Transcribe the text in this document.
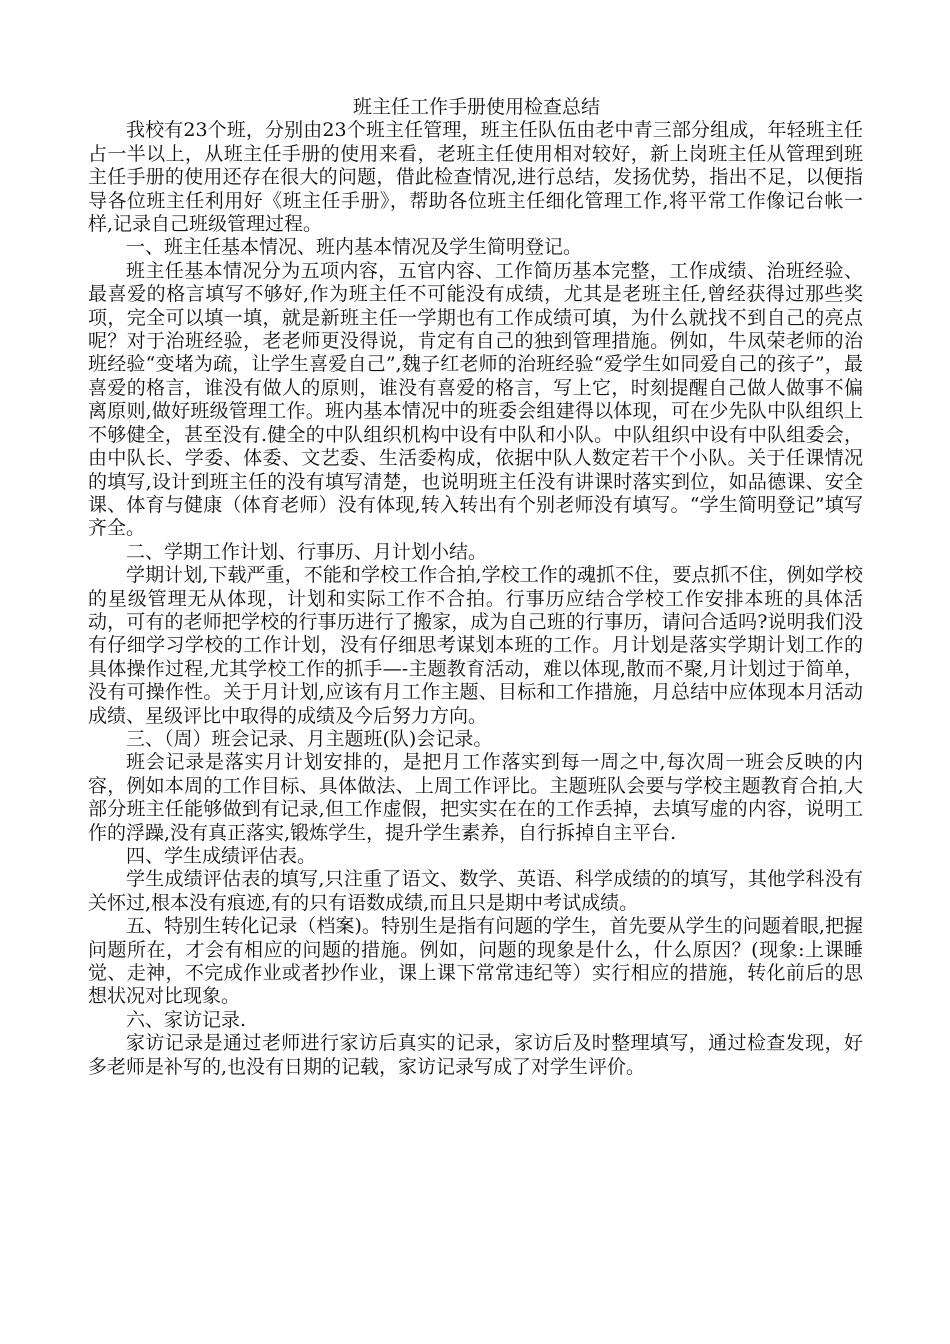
班主任工作手册使用检查总结

我校有23个班，分别由23个班主任管理，班主任队伍由老中青三部分组成，年轻班主任占一半以上，从班主任手册的使用来看，老班主任使用相对较好，新上岗班主任从管理到班主任手册的使用还存在很大的问题，借此检查情况,进行总结，发扬优势，指出不足，以便指导各位班主任利用好《班主任手册》，帮助各位班主任细化管理工作,将平常工作像记台帐一样,记录自己班级管理过程。

一、班主任基本情况、班内基本情况及学生简明登记。

班主任基本情况分为五项内容，五官内容、工作简历基本完整，工作成绩、治班经验、最喜爱的格言填写不够好,作为班主任不可能没有成绩，尤其是老班主任,曾经获得过那些奖项，完全可以填一填，就是新班主任一学期也有工作成绩可填，为什么就找不到自己的亮点呢？对于治班经验，老老师更没得说，肯定有自己的独到管理措施。例如，牛凤荣老师的治班经验“变堵为疏，让学生喜爱自己”,魏子红老师的治班经验“爱学生如同爱自己的孩子”，最喜爱的格言，谁没有做人的原则，谁没有喜爱的格言，写上它，时刻提醒自己做人做事不偏离原则,做好班级管理工作。班内基本情况中的班委会组建得以体现，可在少先队中队组织上不够健全，甚至没有.健全的中队组织机构中设有中队和小队。中队组织中设有中队组委会，由中队长、学委、体委、文艺委、生活委构成，依据中队人数定若干个小队。关于任课情况的填写,设计到班主任的没有填写清楚，也说明班主任没有讲课时落实到位，如品德课、安全课、体育与健康（体育老师）没有体现,转入转出有个别老师没有填写。“学生简明登记”填写齐全。

二、学期工作计划、行事历、月计划小结。

学期计划,下载严重，不能和学校工作合拍,学校工作的魂抓不住，要点抓不住，例如学校的星级管理无从体现，计划和实际工作不合拍。行事历应结合学校工作安排本班的具体活动，可有的老师把学校的行事历进行了搬家，成为自己班的行事历，请问合适吗?说明我们没有仔细学习学校的工作计划，没有仔细思考谋划本班的工作。月计划是落实学期计划工作的具体操作过程,尤其学校工作的抓手—-主题教育活动，难以体现,散而不聚,月计划过于简单，没有可操作性。关于月计划,应该有月工作主题、目标和工作措施，月总结中应体现本月活动成绩、星级评比中取得的成绩及今后努力方向。

三、（周）班会记录、月主题班(队)会记录。

班会记录是落实月计划安排的，是把月工作落实到每一周之中,每次周一班会反映的内容，例如本周的工作目标、具体做法、上周工作评比。主题班队会要与学校主题教育合拍,大部分班主任能够做到有记录,但工作虚假，把实实在在的工作丢掉，去填写虚的内容，说明工作的浮躁,没有真正落实,锻炼学生，提升学生素养，自行拆掉自主平台.

四、学生成绩评估表。

学生成绩评估表的填写,只注重了语文、数学、英语、科学成绩的的填写，其他学科没有关怀过,根本没有痕迹,有的只有语数成绩,而且只是期中考试成绩。

五、特别生转化记录（档案)。特别生是指有问题的学生，首先要从学生的问题着眼,把握问题所在，才会有相应的问题的措施。例如，问题的现象是什么，什么原因？(现象:上课睡觉、走神，不完成作业或者抄作业，课上课下常常违纪等）实行相应的措施，转化前后的思想状况对比现象。

六、家访记录.

家访记录是通过老师进行家访后真实的记录，家访后及时整理填写，通过检查发现，好多老师是补写的,也没有日期的记载，家访记录写成了对学生评价。
